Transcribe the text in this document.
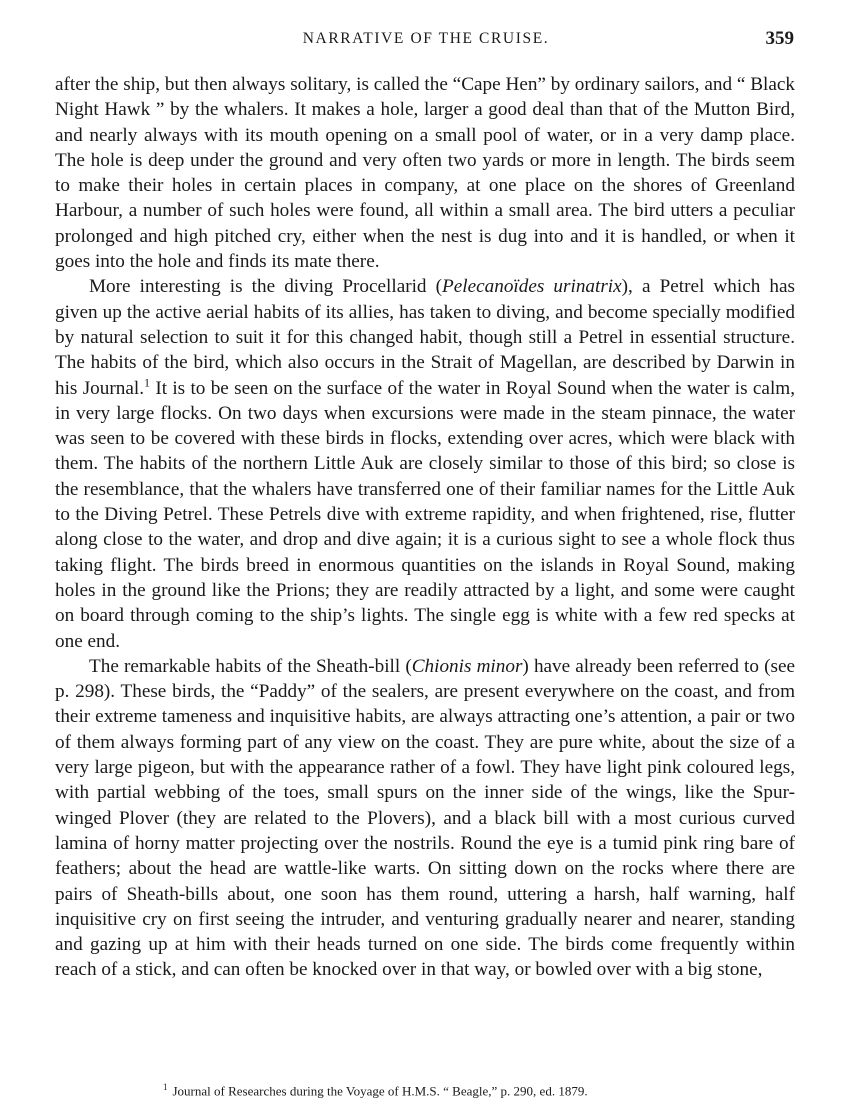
NARRATIVE OF THE CRUISE.	359

after the ship, but then always solitary, is called the “Cape Hen” by ordinary sailors, and “ Black Night Hawk ” by the whalers. It makes a hole, larger a good deal than that of the Mutton Bird, and nearly always with its mouth opening on a small pool of water, or in a very damp place. The hole is deep under the ground and very often two yards or more in length. The birds seem to make their holes in certain places in company, at one place on the shores of Greenland Harbour, a number of such holes were found, all within a small area. The bird utters a peculiar prolonged and high pitched cry, either when the nest is dug into and it is handled, or when it goes into the hole and finds its mate there.

More interesting is the diving Procellarid (Pelecanoïdes urinatrix), a Petrel which has given up the active aerial habits of its allies, has taken to diving, and become specially modified by natural selection to suit it for this changed habit, though still a Petrel in essential structure. The habits of the bird, which also occurs in the Strait of Magellan, are described by Darwin in his Journal.$^1$ It is to be seen on the surface of the water in Royal Sound when the water is calm, in very large flocks. On two days when excursions were made in the steam pinnace, the water was seen to be covered with these birds in flocks, extending over acres, which were black with them. The habits of the northern Little Auk are closely similar to those of this bird; so close is the resemblance, that the whalers have transferred one of their familiar names for the Little Auk to the Diving Petrel. These Petrels dive with extreme rapidity, and when frightened, rise, flutter along close to the water, and drop and dive again; it is a curious sight to see a whole flock thus taking flight. The birds breed in enormous quantities on the islands in Royal Sound, making holes in the ground like the Prions; they are readily attracted by a light, and some were caught on board through coming to the ship’s lights. The single egg is white with a few red specks at one end.

The remarkable habits of the Sheath-bill (Chionis minor) have already been referred to (see p. 298). These birds, the “Paddy” of the sealers, are present everywhere on the coast, and from their extreme tameness and inquisitive habits, are always attracting one’s attention, a pair or two of them always forming part of any view on the coast. They are pure white, about the size of a very large pigeon, but with the appearance rather of a fowl. They have light pink coloured legs, with partial webbing of the toes, small spurs on the inner side of the wings, like the Spur-winged Plover (they are related to the Plovers), and a black bill with a most curious curved lamina of horny matter projecting over the nostrils. Round the eye is a tumid pink ring bare of feathers; about the head are wattle-like warts. On sitting down on the rocks where there are pairs of Sheath-bills about, one soon has them round, uttering a harsh, half warning, half inquisitive cry on first seeing the intruder, and venturing gradually nearer and nearer, standing and gazing up at him with their heads turned on one side. The birds come frequently within reach of a stick, and can often be knocked over in that way, or bowled over with a big stone,

$^1$ Journal of Researches during the Voyage of H.M.S. “ Beagle,” p. 290, ed. 1879.
